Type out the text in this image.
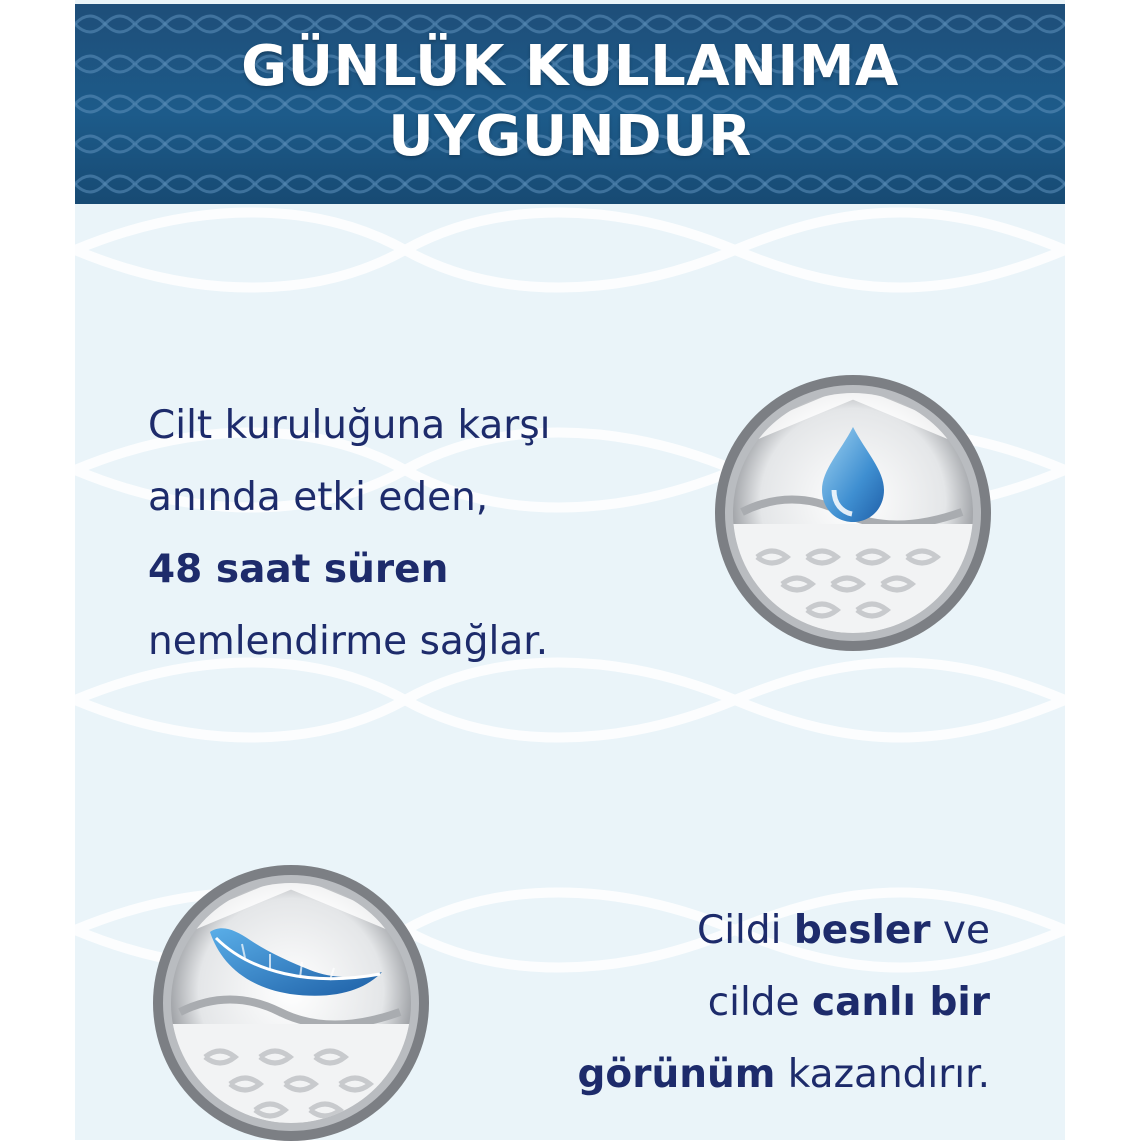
GÜNLÜK KULLANIMA
UYGUNDUR
Cilt kuruluğuna karşı
anında etki eden,
48 saat süren
nemlendirme sağlar.
Cildi besler ve
cilde canlı bir
görünüm kazandırır.
